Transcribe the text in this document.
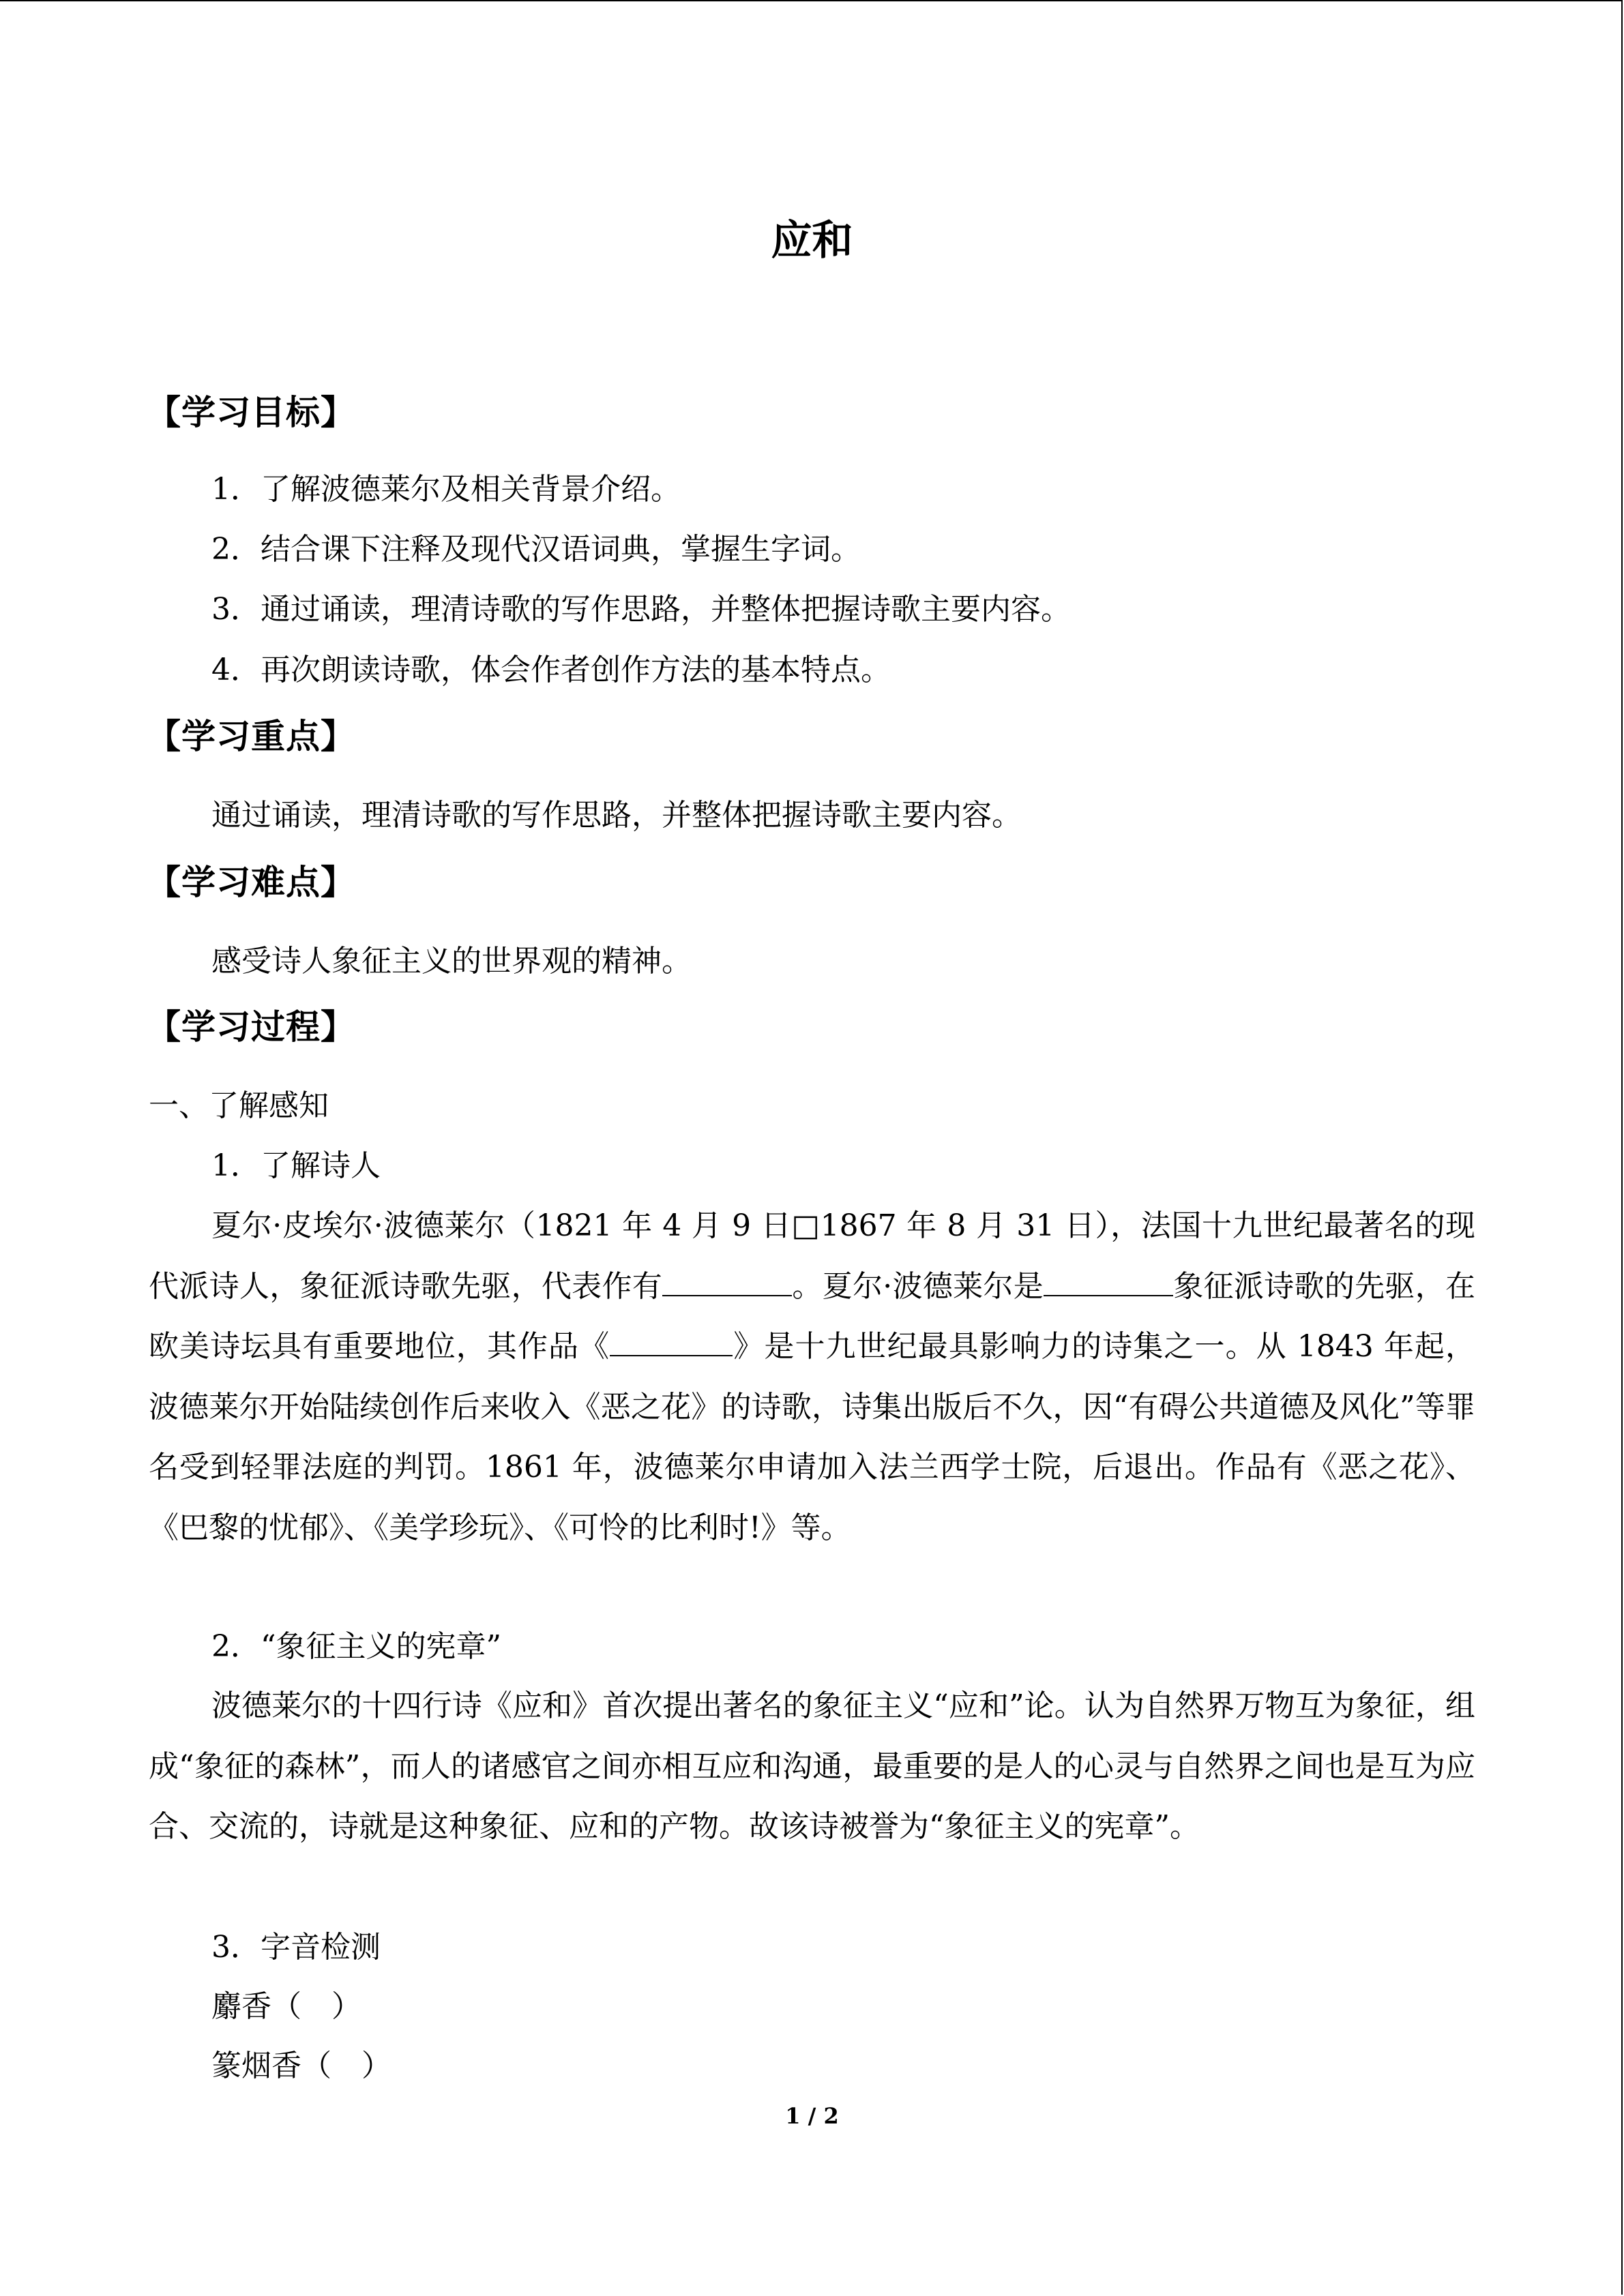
应和
【学习目标】
1．了解波德莱尔及相关背景介绍。
2．结合课下注释及现代汉语词典，掌握生字词。
3．通过诵读，理清诗歌的写作思路，并整体把握诗歌主要内容。
4．再次朗读诗歌，体会作者创作方法的基本特点。
【学习重点】
通过诵读，理清诗歌的写作思路，并整体把握诗歌主要内容。
【学习难点】
感受诗人象征主义的世界观的精神。
【学习过程】
一、了解感知
1．了解诗人
夏尔·皮埃尔·波德莱尔（1821 年 4 月 9 日□1867 年 8 月 31 日），法国十九世纪最著名的现代派诗人，象征派诗歌先驱，代表作有	。夏尔·波德莱尔是	象征派诗歌的先驱，在欧美诗坛具有重要地位，其作品《	》是十九世纪最具影响力的诗集之一。从 1843 年起，波德莱尔开始陆续创作后来收入《恶之花》的诗歌，诗集出版后不久，因“有碍公共道德及风化”等罪名受到轻罪法庭的判罚。1861 年，波德莱尔申请加入法兰西学士院，后退出。作品有《恶之花》、《巴黎的忧郁》、《美学珍玩》、《可怜的比利时!》等。
2．“象征主义的宪章”
波德莱尔的十四行诗《应和》首次提出著名的象征主义“应和”论。认为自然界万物互为象征，组成“象征的森林”，而人的诸感官之间亦相互应和沟通，最重要的是人的心灵与自然界之间也是互为应合、交流的，诗就是这种象征、应和的产物。故该诗被誉为“象征主义的宪章”。
3．字音检测
麝香（　）
篆烟香（　）
1 / 2
